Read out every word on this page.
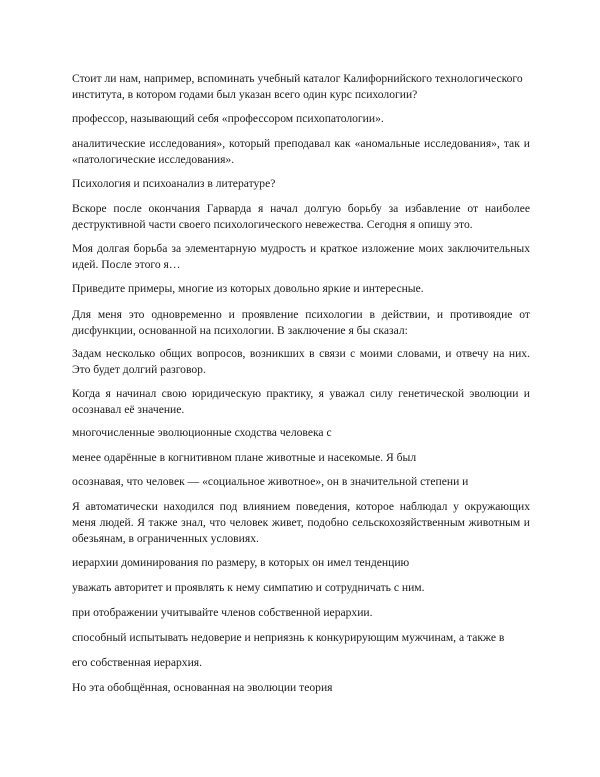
Стоит ли нам, например, вспоминать учебный каталог Калифорнийского технологического
института, в котором годами был указан всего один курс психологии?

профессор, называющий себя «профессором психопатологии».

аналитические исследования», который преподавал как «аномальные исследования», так и
«патологические исследования».

Психология и психоанализ в литературе?

Вскоре после окончания Гарварда я начал долгую борьбу за избавление от наиболее
деструктивной части своего психологического невежества. Сегодня я опишу это.

Моя долгая борьба за элементарную мудрость и краткое изложение моих заключительных
идей. После этого я…

Приведите примеры, многие из которых довольно яркие и интересные.

Для меня это одновременно и проявление психологии в действии, и противоядие от
дисфункции, основанной на психологии. В заключение я бы сказал:

Задам несколько общих вопросов, возникших в связи с моими словами, и отвечу на них.
Это будет долгий разговор.

Когда я начинал свою юридическую практику, я уважал силу генетической эволюции и
осознавал её значение.

многочисленные эволюционные сходства человека с

менее одарённые в когнитивном плане животные и насекомые. Я был

осознавая, что человек — «социальное животное», он в значительной степени и

Я автоматически находился под влиянием поведения, которое наблюдал у окружающих
меня людей. Я также знал, что человек живет, подобно сельскохозяйственным животным и
обезьянам, в ограниченных условиях.

иерархии доминирования по размеру, в которых он имел тенденцию

уважать авторитет и проявлять к нему симпатию и сотрудничать с ним.

при отображении учитывайте членов собственной иерархии.

способный испытывать недоверие и неприязнь к конкурирующим мужчинам, а также в

его собственная иерархия.

Но эта обобщённая, основанная на эволюции теория
